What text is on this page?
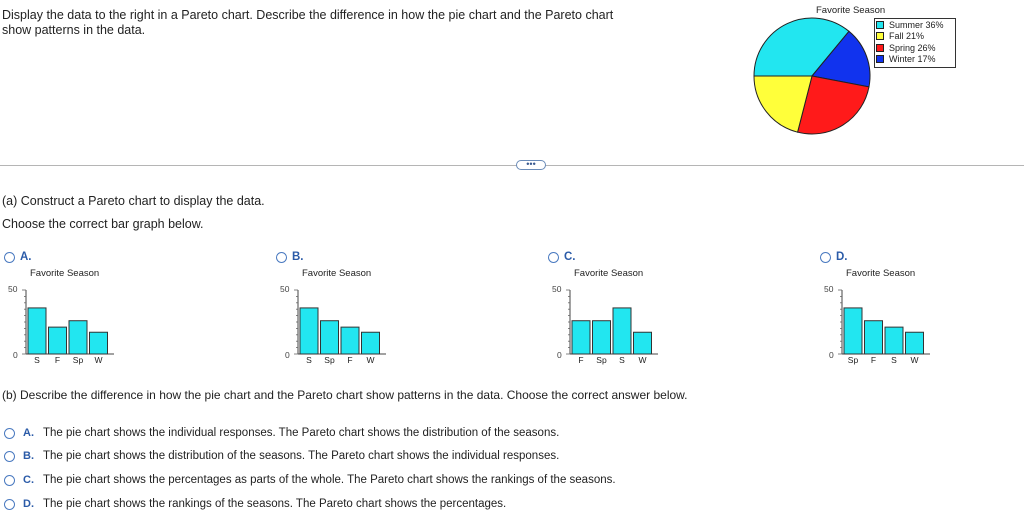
Display the data to the right in a Pareto chart. Describe the difference in how the pie chart and the Pareto chart show patterns in the data.
Favorite Season
Summer 36%
Fall 21%
Spring 26%
Winter 17%
•••
(a) Construct a Pareto chart to display the data.
Choose the correct bar graph below.
A.
Favorite Season
50
0 S F Sp W
B.
Favorite Season
50
0 S Sp F W
C.
Favorite Season
50
0 F Sp S W
D.
Favorite Season
50
0 Sp F S W
(b) Describe the difference in how the pie chart and the Pareto chart show patterns in the data. Choose the correct answer below.
A. The pie chart shows the individual responses. The Pareto chart shows the distribution of the seasons.
B. The pie chart shows the distribution of the seasons. The Pareto chart shows the individual responses.
C. The pie chart shows the percentages as parts of the whole. The Pareto chart shows the rankings of the seasons.
D. The pie chart shows the rankings of the seasons. The Pareto chart shows the percentages.
